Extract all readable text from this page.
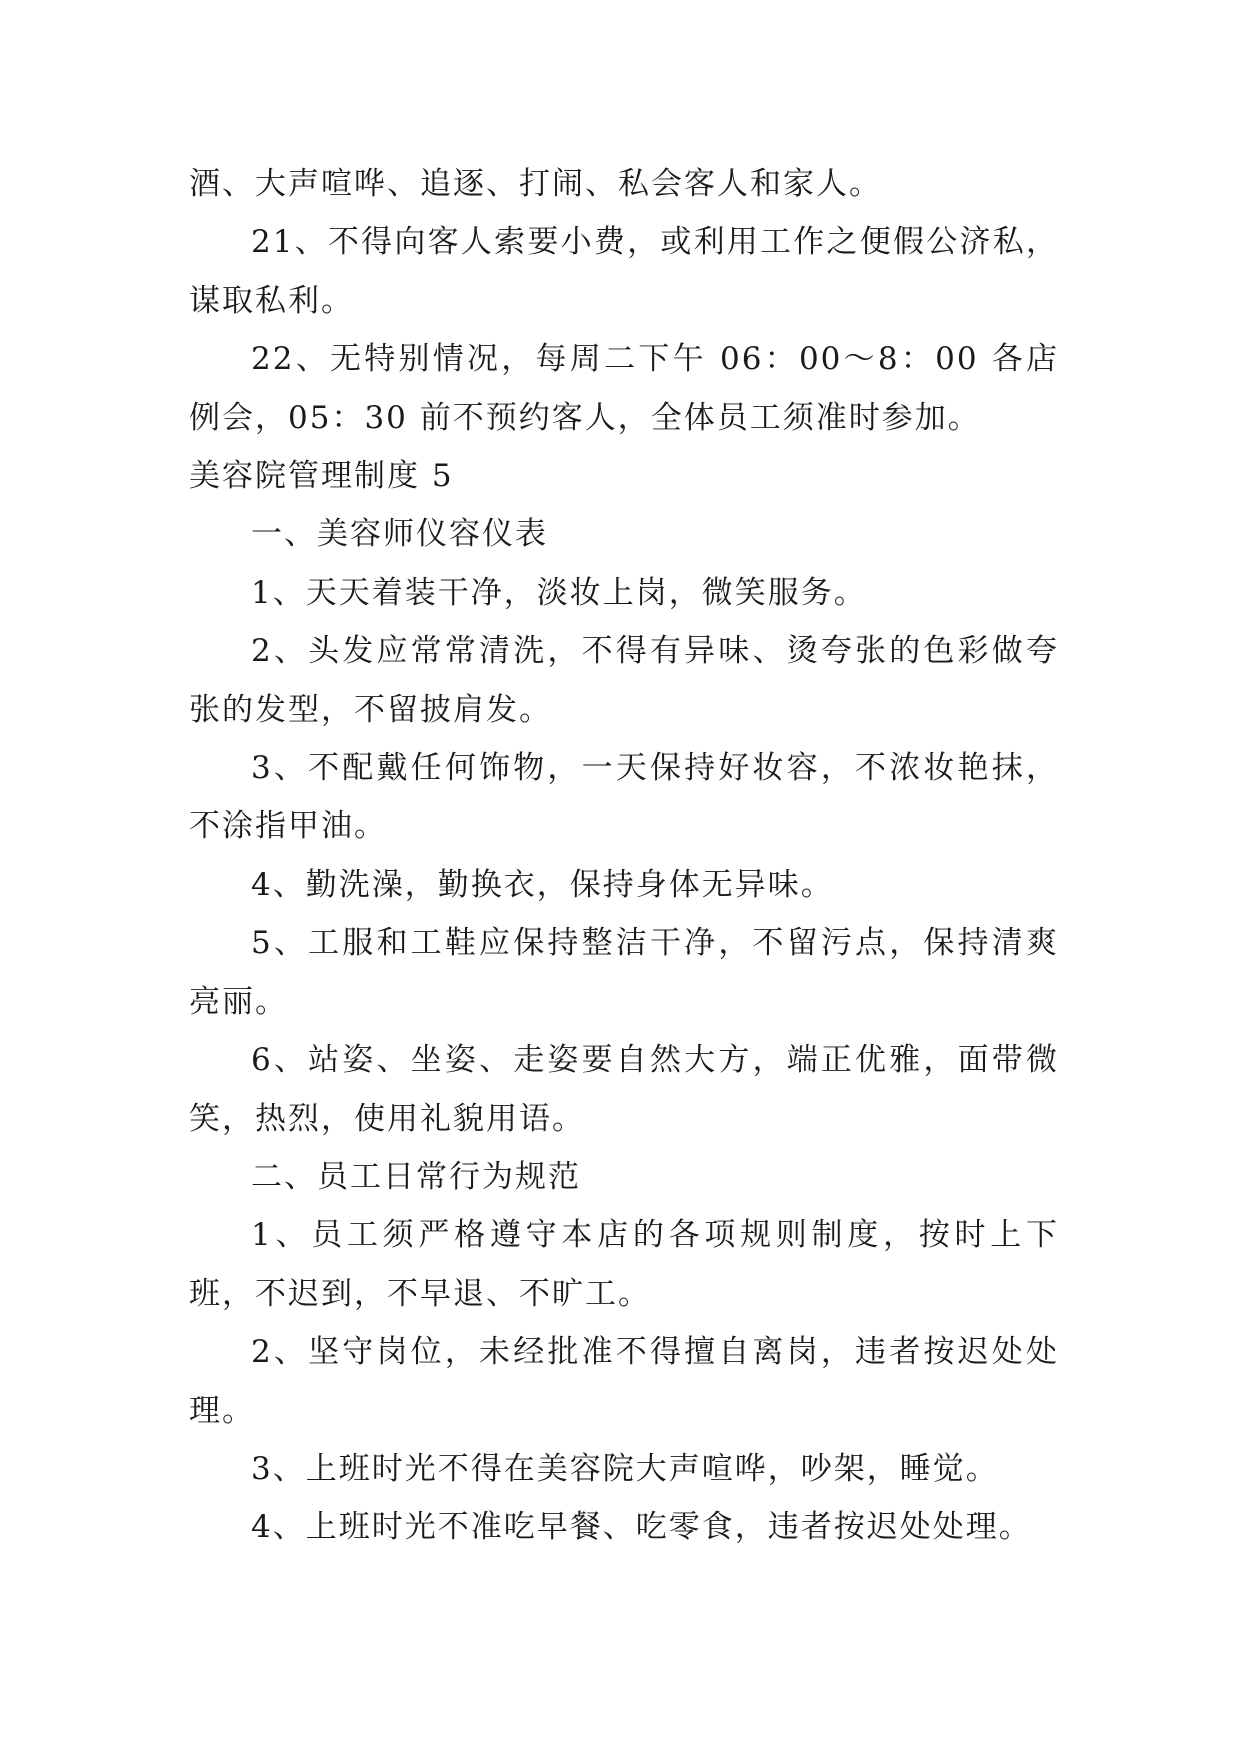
酒、大声喧哗、追逐、打闹、私会客人和家人。

21、不得向客人索要小费，或利用工作之便假公济私，谋取私利。

22、无特别情况，每周二下午 06：00～8：00 各店例会，05：30 前不预约客人，全体员工须准时参加。

美容院管理制度 5

一、美容师仪容仪表

1、天天着装干净，淡妆上岗，微笑服务。

2、头发应常常清洗，不得有异味、烫夸张的色彩做夸张的发型，不留披肩发。

3、不配戴任何饰物，一天保持好妆容，不浓妆艳抹，不涂指甲油。

4、勤洗澡，勤换衣，保持身体无异味。

5、工服和工鞋应保持整洁干净，不留污点，保持清爽亮丽。

6、站姿、坐姿、走姿要自然大方，端正优雅，面带微笑，热烈，使用礼貌用语。

二、员工日常行为规范

1、员工须严格遵守本店的各项规则制度，按时上下班，不迟到，不早退、不旷工。

2、坚守岗位，未经批准不得擅自离岗，违者按迟处处理。

3、上班时光不得在美容院大声喧哗，吵架，睡觉。

4、上班时光不准吃早餐、吃零食，违者按迟处处理。
